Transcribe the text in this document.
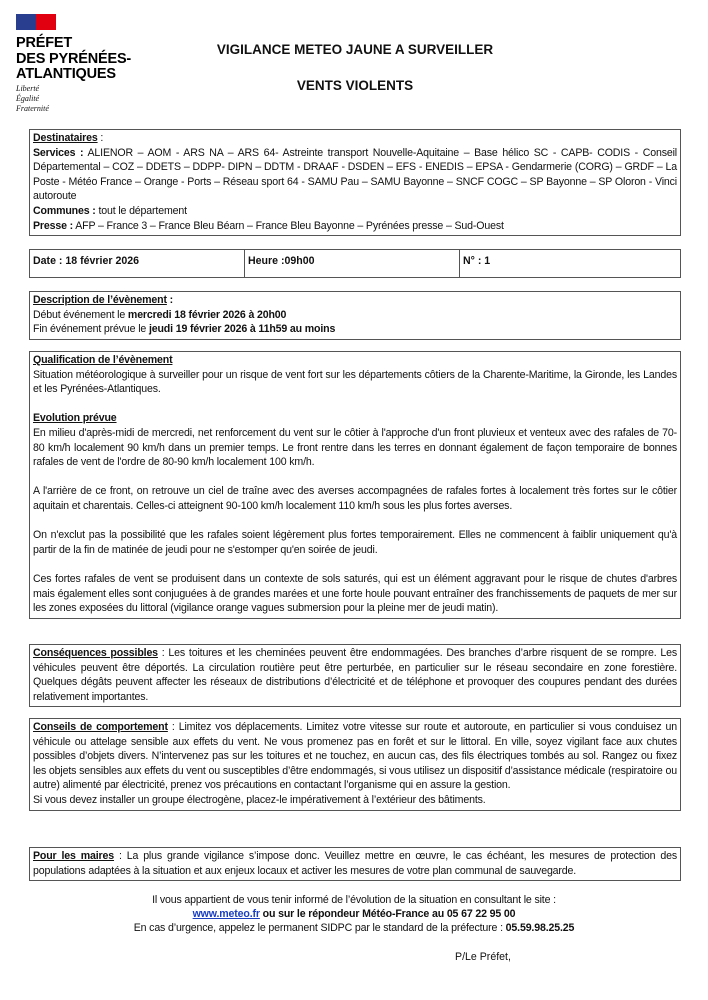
PRÉFET
DES PYRÉNÉES-
ATLANTIQUES
Liberté
Égalité
Fraternité
VIGILANCE METEO JAUNE A SURVEILLER
VENTS VIOLENTS

Destinataires :

Services : ALIENOR – AOM - ARS NA – ARS 64- Astreinte transport Nouvelle-Aquitaine – Base hélico SC - CAPB- CODIS - Conseil Départemental – COZ – DDETS – DDPP- DIPN – DDTM - DRAAF - DSDEN – EFS - ENEDIS – EPSA - Gendarmerie (CORG) – GRDF – La Poste - Météo France – Orange - Ports – Réseau sport 64 - SAMU Pau – SAMU Bayonne – SNCF COGC – SP Bayonne – SP Oloron - Vinci autoroute

Communes : tout le département

Presse : AFP – France 3 – France Bleu Béarn – France Bleu Bayonne – Pyrénées presse – Sud-Ouest

Date : 18 février 2026	Heure :09h00	N° : 1

Description de l’évènement :

Début événement le mercredi 18 février 2026 à 20h00

Fin événement prévue le jeudi 19 février 2026 à 11h59 au moins

Qualification de l’évènement

Situation météorologique à surveiller pour un risque de vent fort sur les départements côtiers de la Charente-Maritime, la Gironde, les Landes et les Pyrénées-Atlantiques.

Evolution prévue

En milieu d'après-midi de mercredi, net renforcement du vent sur le côtier à l'approche d'un front pluvieux et venteux avec des rafales de 70-80 km/h localement 90 km/h dans un premier temps. Le front rentre dans les terres en donnant également de façon temporaire de bonnes rafales de vent de l'ordre de 80-90 km/h localement 100 km/h.

A l'arrière de ce front, on retrouve un ciel de traîne avec des averses accompagnées de rafales fortes à localement très fortes sur le côtier aquitain et charentais. Celles-ci atteignent 90-100 km/h localement 110 km/h sous les plus fortes averses.

On n'exclut pas la possibilité que les rafales soient légèrement plus fortes temporairement. Elles ne commencent à faiblir uniquement qu'à partir de la fin de matinée de jeudi pour ne s'estomper qu'en soirée de jeudi.

Ces fortes rafales de vent se produisent dans un contexte de sols saturés, qui est un élément aggravant pour le risque de chutes d'arbres mais également elles sont conjuguées à de grandes marées et une forte houle pouvant entraîner des franchissements de paquets de mer sur les zones exposées du littoral (vigilance orange vagues submersion pour la pleine mer de jeudi matin).

Conséquences possibles : Les toitures et les cheminées peuvent être endommagées. Des branches d’arbre risquent de se rompre. Les véhicules peuvent être déportés. La circulation routière peut être perturbée, en particulier sur le réseau secondaire en zone forestière. Quelques dégâts peuvent affecter les réseaux de distributions d’électricité et de téléphone et provoquer des coupures pendant des durées relativement importantes.

Conseils de comportement : Limitez vos déplacements. Limitez votre vitesse sur route et autoroute, en particulier si vous conduisez un véhicule ou attelage sensible aux effets du vent. Ne vous promenez pas en forêt et sur le littoral. En ville, soyez vigilant face aux chutes possibles d’objets divers. N’intervenez pas sur les toitures et ne touchez, en aucun cas, des fils électriques tombés au sol. Rangez ou fixez les objets sensibles aux effets du vent ou susceptibles d’être endommagés, si vous utilisez un dispositif d’assistance médicale (respiratoire ou autre) alimenté par électricité, prenez vos précautions en contactant l’organisme qui en assure la gestion.

Si vous devez installer un groupe électrogène, placez-le impérativement à l’extérieur des bâtiments.

Pour les maires : La plus grande vigilance s’impose donc. Veuillez mettre en œuvre, le cas échéant, les mesures de protection des populations adaptées à la situation et aux enjeux locaux et activer les mesures de votre plan communal de sauvegarde.

Il vous appartient de vous tenir informé de l’évolution de la situation en consultant le site :
www.meteo.fr ou sur le répondeur Météo-France au 05 67 22 95 00
En cas d’urgence, appelez le permanent SIDPC par le standard de la préfecture : 05.59.98.25.25
P/Le Préfet,
